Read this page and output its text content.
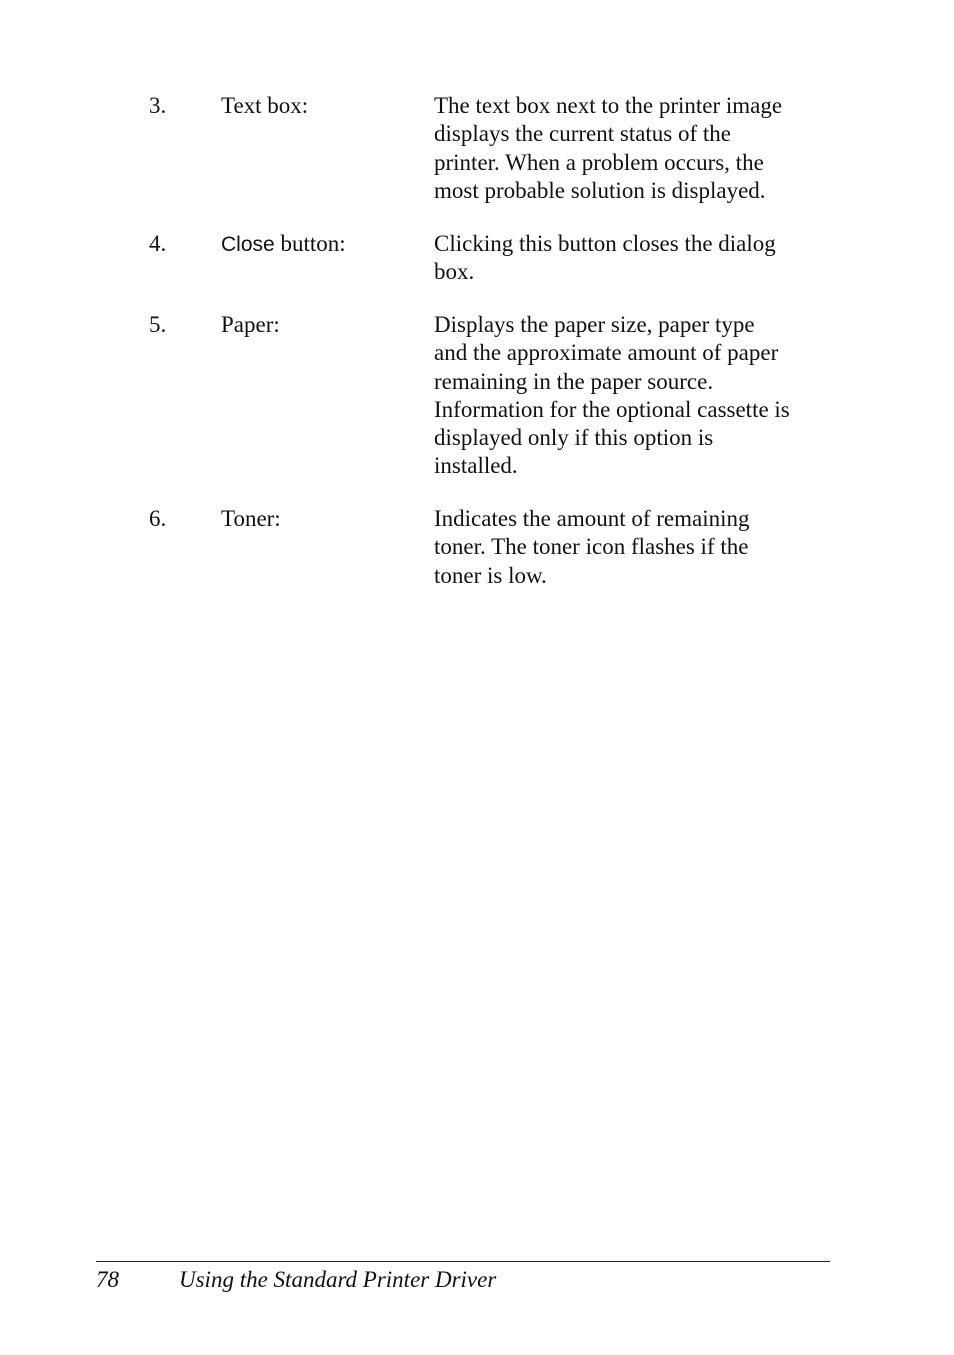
3. Text box:	The text box next to the printer image
displays the current status of the
printer. When a problem occurs, the
most probable solution is displayed.
4.	Close button:	Clicking this button closes the dialog
box.
5. Paper:	Displays the paper size, paper type
and the approximate amount of paper
remaining in the paper source.
Information for the optional cassette is
displayed only if this option is
installed.
6. Toner:	Indicates the amount of remaining
toner. The toner icon flashes if the
toner is low.
78	Using the Standard Printer Driver
